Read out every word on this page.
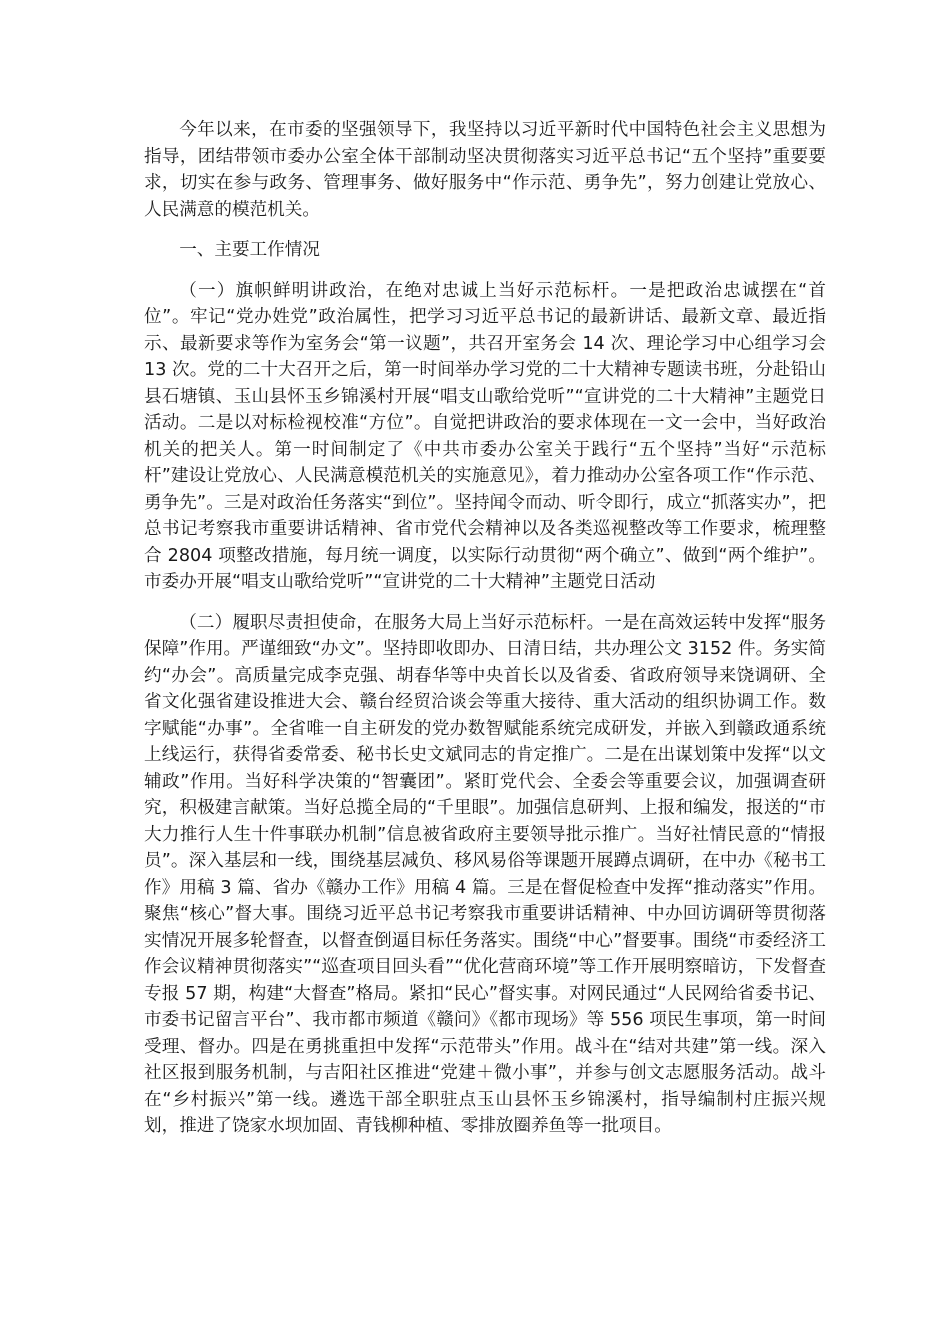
今年以来，在市委的坚强领导下，我坚持以习近平新时代中国特色社会主义思想为指导，团结带领市委办公室全体干部制动坚决贯彻落实习近平总书记“五个坚持”重要要求，切实在参与政务、管理事务、做好服务中“作示范、勇争先”，努力创建让党放心、人民满意的模范机关。

一、主要工作情况

（一）旗帜鲜明讲政治，在绝对忠诚上当好示范标杆。一是把政治忠诚摆在“首位”。牢记“党办姓党”政治属性，把学习习近平总书记的最新讲话、最新文章、最近指示、最新要求等作为室务会“第一议题”，共召开室务会 14 次、理论学习中心组学习会 13 次。党的二十大召开之后，第一时间举办学习党的二十大精神专题读书班，分赴铅山县石塘镇、玉山县怀玉乡锦溪村开展“唱支山歌给党听”“宣讲党的二十大精神”主题党日活动。二是以对标检视校准“方位”。自觉把讲政治的要求体现在一文一会中，当好政治机关的把关人。第一时间制定了《中共市委办公室关于践行“五个坚持”当好“示范标杆”建设让党放心、人民满意模范机关的实施意见》，着力推动办公室各项工作“作示范、勇争先”。三是对政治任务落实“到位”。坚持闻令而动、听令即行，成立“抓落实办”，把总书记考察我市重要讲话精神、省市党代会精神以及各类巡视整改等工作要求，梳理整合 2804 项整改措施，每月统一调度，以实际行动贯彻“两个确立”、做到“两个维护”。市委办开展“唱支山歌给党听”“宣讲党的二十大精神”主题党日活动

（二）履职尽责担使命，在服务大局上当好示范标杆。一是在高效运转中发挥“服务保障”作用。严谨细致“办文”。坚持即收即办、日清日结，共办理公文 3152 件。务实简约“办会”。高质量完成李克强、胡春华等中央首长以及省委、省政府领导来饶调研、全省文化强省建设推进大会、赣台经贸洽谈会等重大接待、重大活动的组织协调工作。数字赋能“办事”。全省唯一自主研发的党办数智赋能系统完成研发，并嵌入到赣政通系统上线运行，获得省委常委、秘书长史文斌同志的肯定推广。二是在出谋划策中发挥“以文辅政”作用。当好科学决策的“智囊团”。紧盯党代会、全委会等重要会议，加强调查研究，积极建言献策。当好总揽全局的“千里眼”。加强信息研判、上报和编发，报送的“市大力推行人生十件事联办机制”信息被省政府主要领导批示推广。当好社情民意的“情报员”。深入基层和一线，围绕基层减负、移风易俗等课题开展蹲点调研，在中办《秘书工作》用稿 3 篇、省办《赣办工作》用稿 4 篇。三是在督促检查中发挥“推动落实”作用。聚焦“核心”督大事。围绕习近平总书记考察我市重要讲话精神、中办回访调研等贯彻落实情况开展多轮督查，以督查倒逼目标任务落实。围绕“中心”督要事。围绕“市委经济工作会议精神贯彻落实”“巡查项目回头看”“优化营商环境”等工作开展明察暗访，下发督查专报 57 期，构建“大督查”格局。紧扣“民心”督实事。对网民通过“人民网给省委书记、市委书记留言平台”、我市都市频道《赣问》《都市现场》等 556 项民生事项，第一时间受理、督办。四是在勇挑重担中发挥“示范带头”作用。战斗在“结对共建”第一线。深入社区报到服务机制，与吉阳社区推进“党建＋微小事”，并参与创文志愿服务活动。战斗在“乡村振兴”第一线。遴选干部全职驻点玉山县怀玉乡锦溪村，指导编制村庄振兴规划，推进了饶家水坝加固、青钱柳种植、零排放圈养鱼等一批项目。
